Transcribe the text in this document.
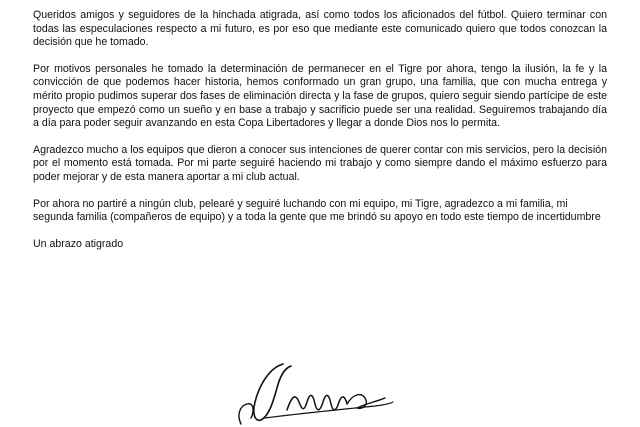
Queridos amigos y seguidores de la hinchada atigrada, así como todos los aficionados del fútbol. Quiero terminar con todas las especulaciones respecto a mi futuro, es por eso que mediante este comunicado quiero que todos conozcan la decisión que he tomado.

Por motivos personales he tomado la determinación de permanecer en el Tigre por ahora, tengo la ilusión, la fe y la convicción de que podemos hacer historia, hemos conformado un gran grupo, una familia, que con mucha entrega y mérito propio pudimos superar dos fases de eliminación directa y la fase de grupos, quiero seguir siendo partícipe de este proyecto que empezó como un sueño y en base a trabajo y sacrificio puede ser una realidad. Seguiremos trabajando día a día para poder seguir avanzando en esta Copa Libertadores y llegar a donde Dios nos lo permita.

Agradezco mucho a los equipos que dieron a conocer sus intenciones de querer contar con mis servicios, pero la decisión por el momento está tomada. Por mi parte seguiré haciendo mi trabajo y como siempre dando el máximo esfuerzo para poder mejorar y de esta manera aportar a mi club actual.

Por ahora no partiré a ningún club, pelearé y seguiré luchando con mi equipo, mi Tigre, agradezco a mi familia, mi segunda familia (compañeros de equipo) y a toda la gente que me brindó su apoyo en todo este tiempo de incertidumbre

Un abrazo atigrado
